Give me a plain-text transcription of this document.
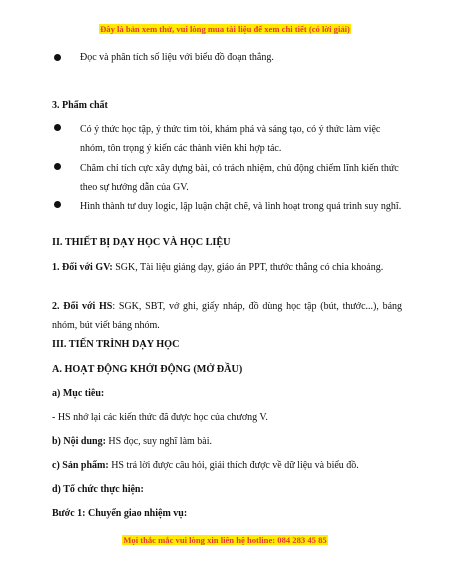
Đây là bản xem thử, vui lòng mua tài liệu để xem chi tiết (có lời giải)
Đọc và phân tích số liệu với biểu đồ đoạn thẳng.
3. Phẩm chất
Có ý thức học tập, ý thức tìm tòi, khám phá và sáng tạo, có ý thức làm việc nhóm, tôn trọng ý kiến các thành viên khi hợp tác.
Chăm chỉ tích cực xây dựng bài, có trách nhiệm, chủ động chiếm lĩnh kiến thức theo sự hướng dẫn của GV.
Hình thành tư duy logic, lập luận chặt chẽ, và linh hoạt trong quá trình suy nghĩ.
II. THIẾT BỊ DẠY HỌC VÀ HỌC LIỆU
1. Đối với GV: SGK, Tài liệu giảng dạy, giáo án PPT, thước thẳng có chia khoảng.
2. Đối với HS: SGK, SBT, vở ghi, giấy nháp, đồ dùng học tập (bút, thước...), bảng nhóm, bút viết bảng nhóm.
III. TIẾN TRÌNH DẠY HỌC
A. HOẠT ĐỘNG KHỞI ĐỘNG (MỞ ĐẦU)
a) Mục tiêu:
- HS nhớ lại các kiến thức đã được học của chương V.
b) Nội dung: HS đọc, suy nghĩ làm bài.
c) Sản phẩm: HS trả lời được câu hỏi, giải thích được về dữ liệu và biểu đồ.
d) Tổ chức thực hiện:
Bước 1: Chuyển giao nhiệm vụ:
Mọi thắc mắc vui lòng xin liên hệ hotline: 084 283 45 85
